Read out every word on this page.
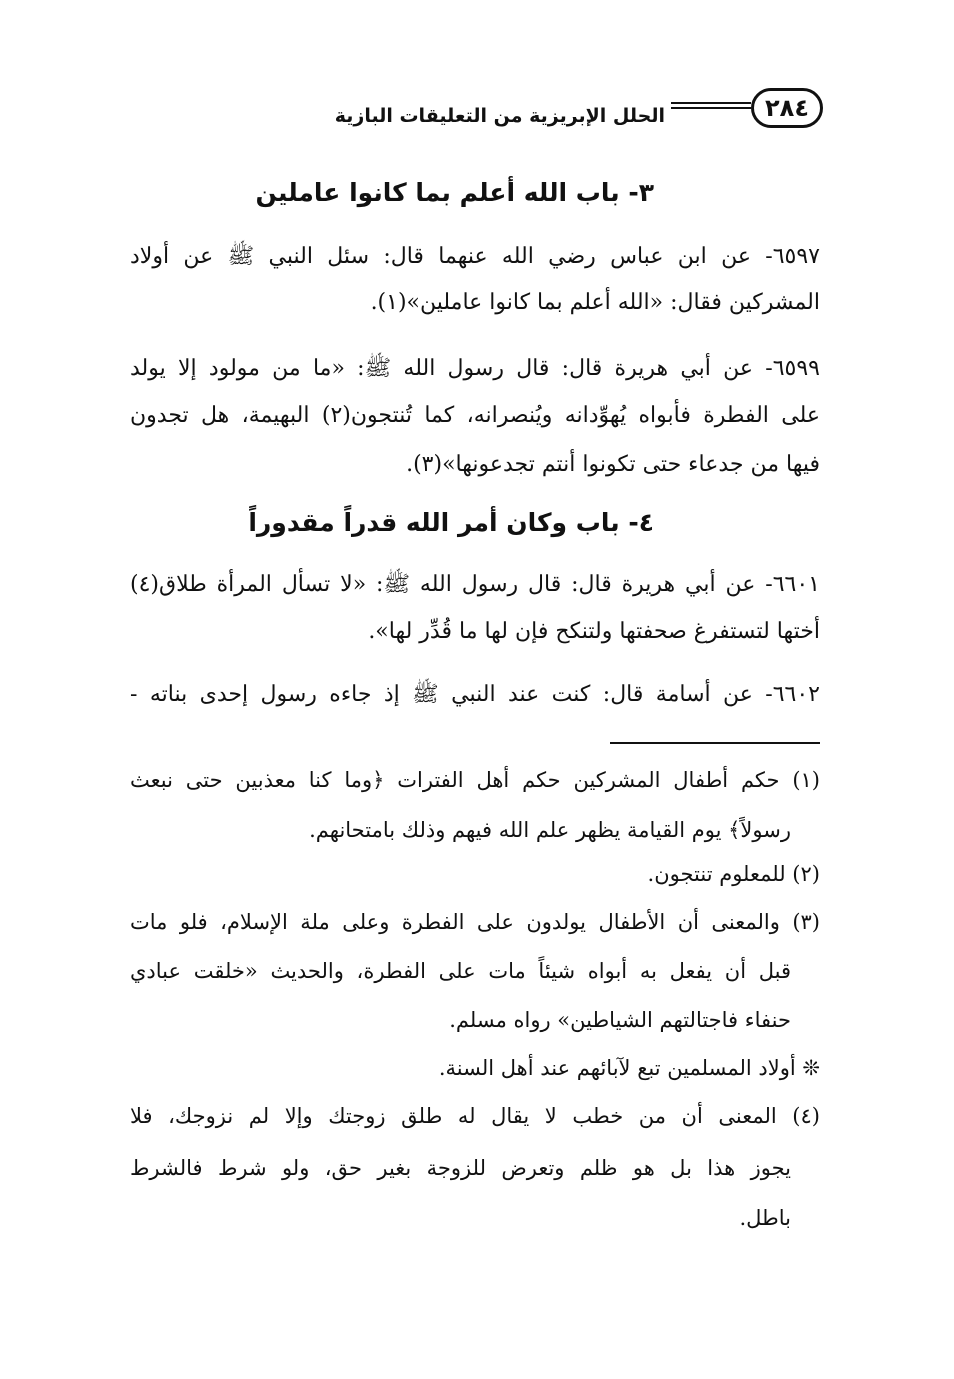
٢٨٤
الحلل الإبريزية من التعليقات البازية
٣- باب الله أعلم بما كانوا عاملين
٦٥٩٧- عن ابن عباس رضي الله عنهما قال: سئل النبي ﷺ عن أولاد
المشركين فقال: «الله أعلم بما كانوا عاملين»(١).
٦٥٩٩- عن أبي هريرة قال: قال رسول الله ﷺ: «ما من مولود إلا يولد
على الفطرة فأبواه يُهوِّدانه ويُنصرانه، كما تُنتجون(٢) البهيمة، هل تجدون
فيها من جدعاء حتى تكونوا أنتم تجدعونها»(٣).
٤- باب وكان أمر الله قدراً مقدوراً
٦٦٠١- عن أبي هريرة قال: قال رسول الله ﷺ: «لا تسأل المرأة طلاق(٤)
أختها لتستفرغ صحفتها ولتنكح فإن لها ما قُدِّر لها».
٦٦٠٢- عن أسامة قال: كنت عند النبي ﷺ إذ جاءه رسول إحدى بناته -
(١) حكم أطفال المشركين حكم أهل الفترات ﴿وما كنا معذبين حتى نبعث
رسولاً﴾ يوم القيامة يظهر علم الله فيهم وذلك بامتحانهم.
(٢) للمعلوم تنتجون.
(٣) والمعنى أن الأطفال يولدون على الفطرة وعلى ملة الإسلام، فلو مات
قبل أن يفعل به أبواه شيئاً مات على الفطرة، والحديث «خلقت عبادي
حنفاء فاجتالتهم الشياطين» رواه مسلم.
❊ أولاد المسلمين تبع لآبائهم عند أهل السنة.
(٤) المعنى أن من خطب لا يقال له طلق زوجتك وإلا لم نزوجك، فلا
يجوز هذا بل هو ظلم وتعرض للزوجة بغير حق، ولو شرط فالشرط
باطل.
